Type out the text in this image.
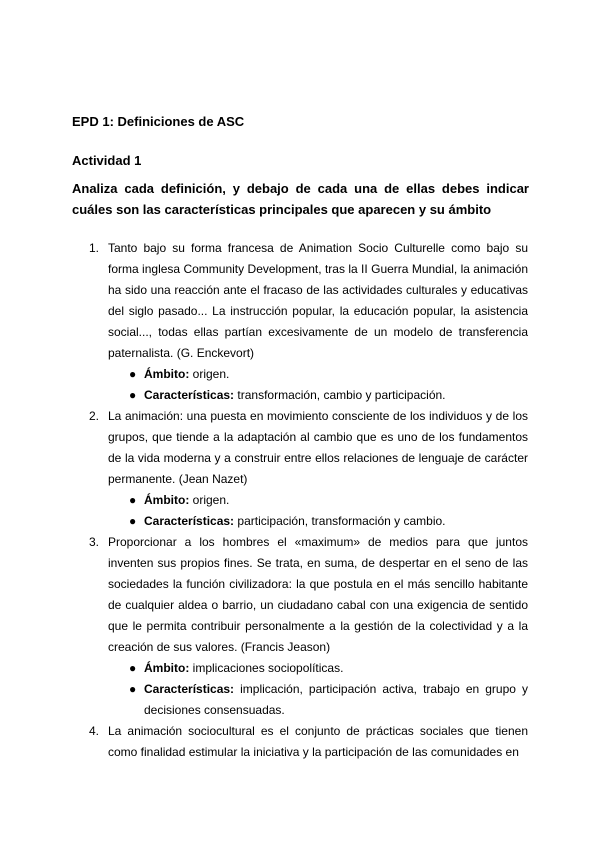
EPD 1: Definiciones de ASC

Actividad 1

Analiza cada definición, y debajo de cada una de ellas debes indicar cuáles son las características principales que aparecen y su ámbito

1. Tanto bajo su forma francesa de Animation Socio Culturelle como bajo su forma inglesa Community Development, tras la II Guerra Mundial, la animación ha sido una reacción ante el fracaso de las actividades culturales y educativas del siglo pasado... La instrucción popular, la educación popular, la asistencia social..., todas ellas partían excesivamente de un modelo de transferencia paternalista. (G. Enckevort)
● Ámbito: origen.
● Características: transformación, cambio y participación.
2. La animación: una puesta en movimiento consciente de los individuos y de los grupos, que tiende a la adaptación al cambio que es uno de los fundamentos de la vida moderna y a construir entre ellos relaciones de lenguaje de carácter permanente. (Jean Nazet)
● Ámbito: origen.
● Características: participación, transformación y cambio.
3. Proporcionar a los hombres el «maximum» de medios para que juntos inventen sus propios fines. Se trata, en suma, de despertar en el seno de las sociedades la función civilizadora: la que postula en el más sencillo habitante de cualquier aldea o barrio, un ciudadano cabal con una exigencia de sentido que le permita contribuir personalmente a la gestión de la colectividad y a la creación de sus valores. (Francis Jeason)
● Ámbito: implicaciones sociopolíticas.
● Características: implicación, participación activa, trabajo en grupo y decisiones consensuadas.
4. La animación sociocultural es el conjunto de prácticas sociales que tienen como finalidad estimular la iniciativa y la participación de las comunidades en
